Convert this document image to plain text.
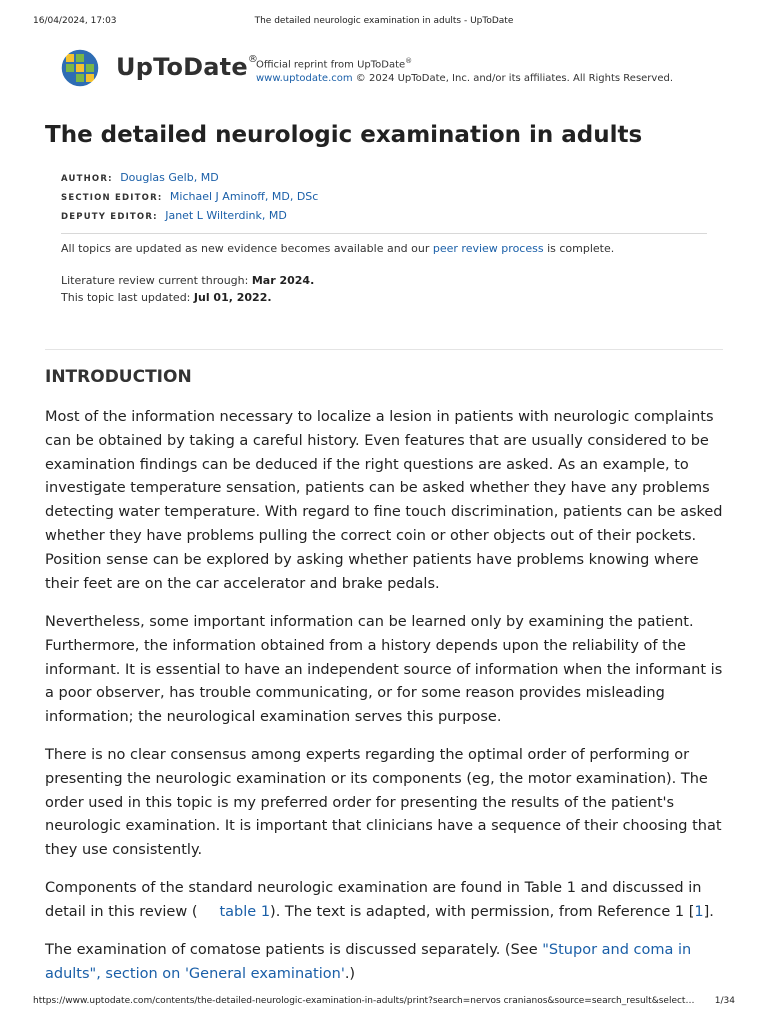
16/04/2024, 17:03	The detailed neurologic examination in adults - UpToDate
UpToDate®
Official reprint from UpToDate®
www.uptodate.com © 2024 UpToDate, Inc. and/or its affiliates. All Rights Reserved.
The detailed neurologic examination in adults
AUTHOR: Douglas Gelb, MD
SECTION EDITOR: Michael J Aminoff, MD, DSc
DEPUTY EDITOR: Janet L Wilterdink, MD
All topics are updated as new evidence becomes available and our peer review process is complete.
Literature review current through: Mar 2024.
This topic last updated: Jul 01, 2022.
INTRODUCTION

Most of the information necessary to localize a lesion in patients with neurologic complaints can be obtained by taking a careful history. Even features that are usually considered to be examination findings can be deduced if the right questions are asked. As an example, to investigate temperature sensation, patients can be asked whether they have any problems detecting water temperature. With regard to fine touch discrimination, patients can be asked whether they have problems pulling the correct coin or other objects out of their pockets. Position sense can be explored by asking whether patients have problems knowing where their feet are on the car accelerator and brake pedals.

Nevertheless, some important information can be learned only by examining the patient. Furthermore, the information obtained from a history depends upon the reliability of the informant. It is essential to have an independent source of information when the informant is a poor observer, has trouble communicating, or for some reason provides misleading information; the neurological examination serves this purpose.

There is no clear consensus among experts regarding the optimal order of performing or presenting the neurologic examination or its components (eg, the motor examination). The order used in this topic is my preferred order for presenting the results of the patient's neurologic examination. It is important that clinicians have a sequence of their choosing that they use consistently.

Components of the standard neurologic examination are found in Table 1 and discussed in detail in this review ( table 1). The text is adapted, with permission, from Reference 1 [1].

The examination of comatose patients is discussed separately. (See "Stupor and coma in adults", section on 'General examination'.)

https://www.uptodate.com/contents/the-detailed-neurologic-examination-in-adults/print?search=nervos cranianos&source=search_result&select…	1/34
